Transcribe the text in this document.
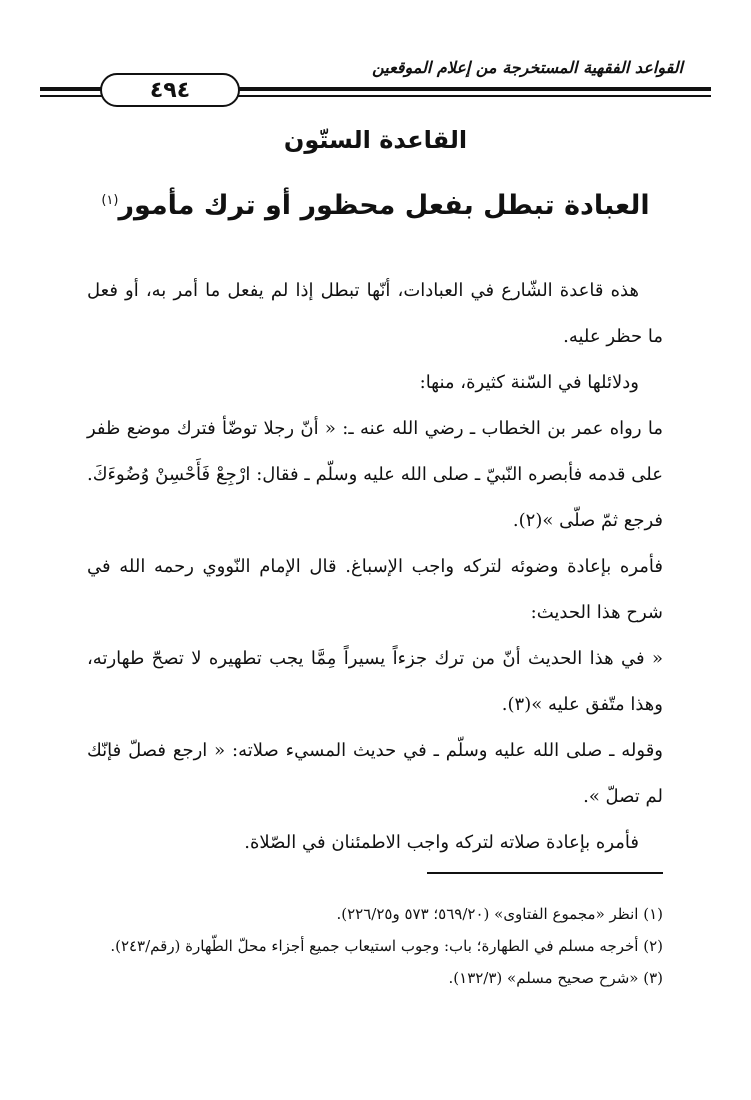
القواعد الفقهية المستخرجة من إعلام الموقعين
٤٩٤
القاعدة الستّون
العبادة تبطل بفعل محظور أو ترك مأمور$^{(١)}$

هذه قاعدة الشّارع في العبادات، أنّها تبطل إذا لم يفعل ما أمر به، أو فعل ما حظر عليه.

ودلائلها في السّنة كثيرة، منها:

ما رواه عمر بن الخطاب ـ رضي الله عنه ـ: « أنّ رجلا توضّأ فترك موضع ظفر على قدمه فأبصره النّبيّ ـ صلى الله عليه وسلّم ـ فقال: ارْجِعْ فَأَحْسِنْ وُضُوءَكَ. فرجع ثمّ صلّى »(٢).

فأمره بإعادة وضوئه لتركه واجب الإسباغ. قال الإمام النّووي رحمه الله في شرح هذا الحديث:

« في هذا الحديث أنّ من ترك جزءاً يسيراً مِمَّا يجب تطهيره لا تصحّ طهارته، وهذا متّفق عليه »(٣).

وقوله ـ صلى الله عليه وسلّم ـ في حديث المسيء صلاته: « ارجع فصلّ فإنّك لم تصلّ ».

فأمره بإعادة صلاته لتركه واجب الاطمئنان في الصّلاة.

(١) انظر «مجموع الفتاوى» (٥٦٩/٢٠؛ ٥٧٣ و٢٢٦/٢٥).

(٢) أخرجه مسلم في الطهارة؛ باب: وجوب استيعاب جميع أجزاء محلّ الطّهارة (رقم/٢٤٣).

(٣) «شرح صحيح مسلم» (١٣٢/٣).
